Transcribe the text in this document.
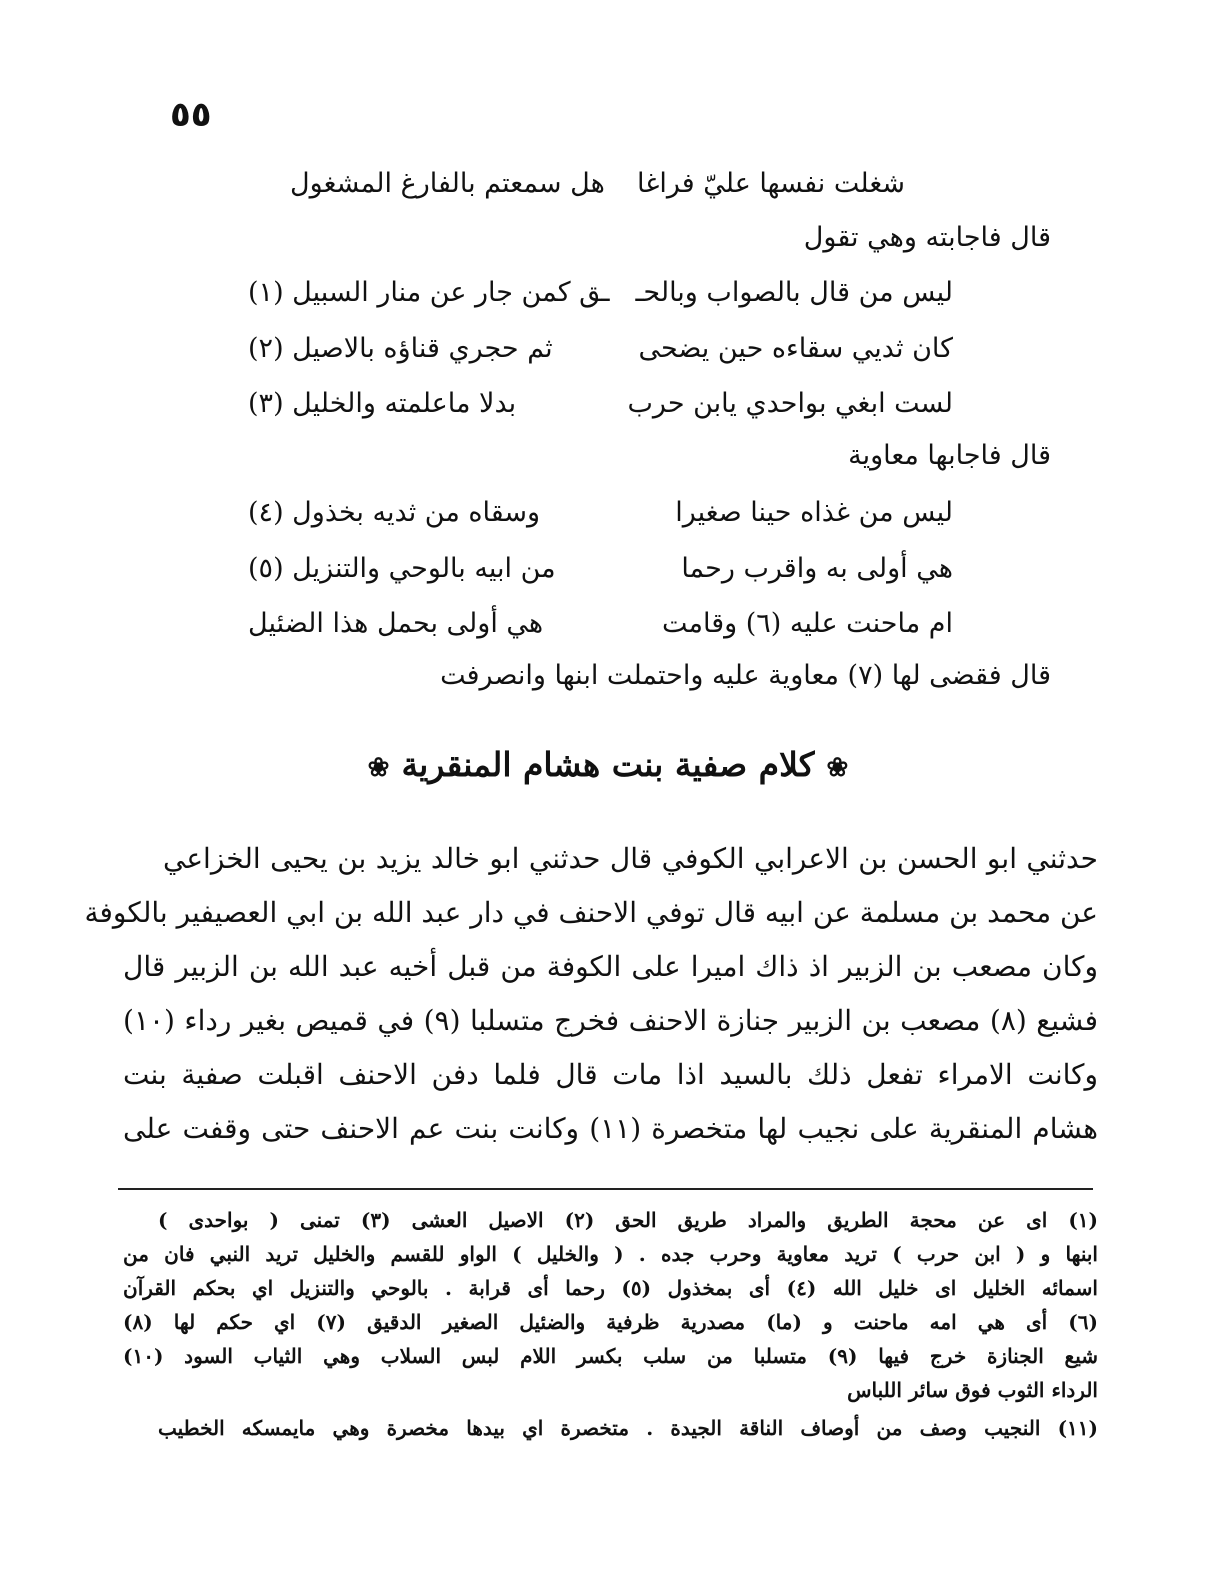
٥٥
شغلت نفسها عليّ فراغا
هل سمعتم بالفارغ المشغول
قال فاجابته وهي تقول
ليس من قال بالصواب وبالحـ
ـق كمن جار عن منار السبيل (١)
كان ثديي سقاءه حين يضحى
ثم حجري قناؤه بالاصيل (٢)
لست ابغي بواحدي يابن حرب
بدلا ماعلمته والخليل (٣)
قال فاجابها معاوية
ليس من غذاه حينا صغيرا
وسقاه من ثديه بخذول (٤)
هي أولى به واقرب رحما
من ابيه بالوحي والتنزيل (٥)
ام ماحنت عليه (٦) وقامت
هي أولى بحمل هذا الضئيل
قال فقضى لها (٧) معاوية عليه واحتملت ابنها وانصرفت
❀كلام صفية بنت هشام المنقرية❀
حدثني ابو الحسن بن الاعرابي الكوفي قال حدثني ابو خالد يزيد بن يحيى الخزاعي
عن محمد بن مسلمة عن ابيه قال توفي الاحنف في دار عبد الله بن ابي العصيفير بالكوفة
وكان مصعب بن الزبير اذ ذاك اميرا على الكوفة من قبل أخيه عبد الله بن الزبير قال
فشيع (٨) مصعب بن الزبير جنازة الاحنف فخرج متسلبا (٩) في قميص بغير رداء (١٠)
وكانت الامراء تفعل ذلك بالسيد اذا مات قال فلما دفن الاحنف اقبلت صفية بنت
هشام المنقرية على نجيب لها متخصرة (١١) وكانت بنت عم الاحنف حتى وقفت على
(١) اى عن محجة الطريق والمراد طريق الحق (٢) الاصيل العشى (٣) تمنى ( بواحدى )
ابنها و ( ابن حرب ) تريد معاوية وحرب جده . ( والخليل ) الواو للقسم والخليل تريد النبي فان من
اسمائه الخليل اى خليل الله (٤) أى بمخذول (٥) رحما أى قرابة . بالوحي والتنزيل اي بحكم القرآن
(٦) أى هي امه ماحنت و (ما) مصدرية ظرفية والضئيل الصغير الدقيق (٧) اي حكم لها (٨)
شيع الجنازة خرج فيها (٩) متسلبا من سلب بكسر اللام لبس السلاب وهي الثياب السود (١٠)
الرداء الثوب فوق سائر اللباس
(١١) النجيب وصف من أوصاف الناقة الجيدة . متخصرة اي بيدها مخصرة وهي مايمسكه الخطيب
